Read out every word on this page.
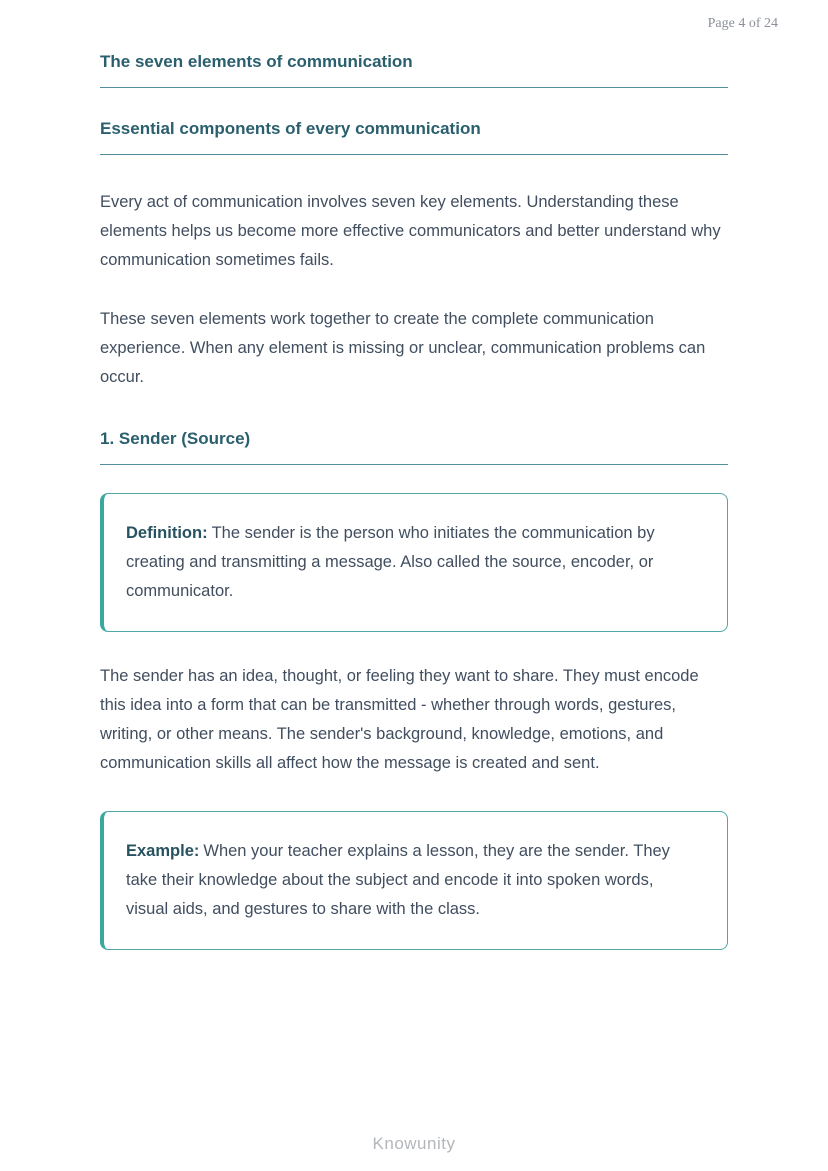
Page 4 of 24
The seven elements of communication
Essential components of every communication

Every act of communication involves seven key elements. Understanding these elements helps us become more effective communicators and better understand why communication sometimes fails.

These seven elements work together to create the complete communication experience. When any element is missing or unclear, communication problems can occur.

1. Sender (Source)

Definition: The sender is the person who initiates the communication by creating and transmitting a message. Also called the source, encoder, or communicator.

The sender has an idea, thought, or feeling they want to share. They must encode this idea into a form that can be transmitted - whether through words, gestures, writing, or other means. The sender's background, knowledge, emotions, and communication skills all affect how the message is created and sent.

Example: When your teacher explains a lesson, they are the sender. They take their knowledge about the subject and encode it into spoken words, visual aids, and gestures to share with the class.

Knowunity
